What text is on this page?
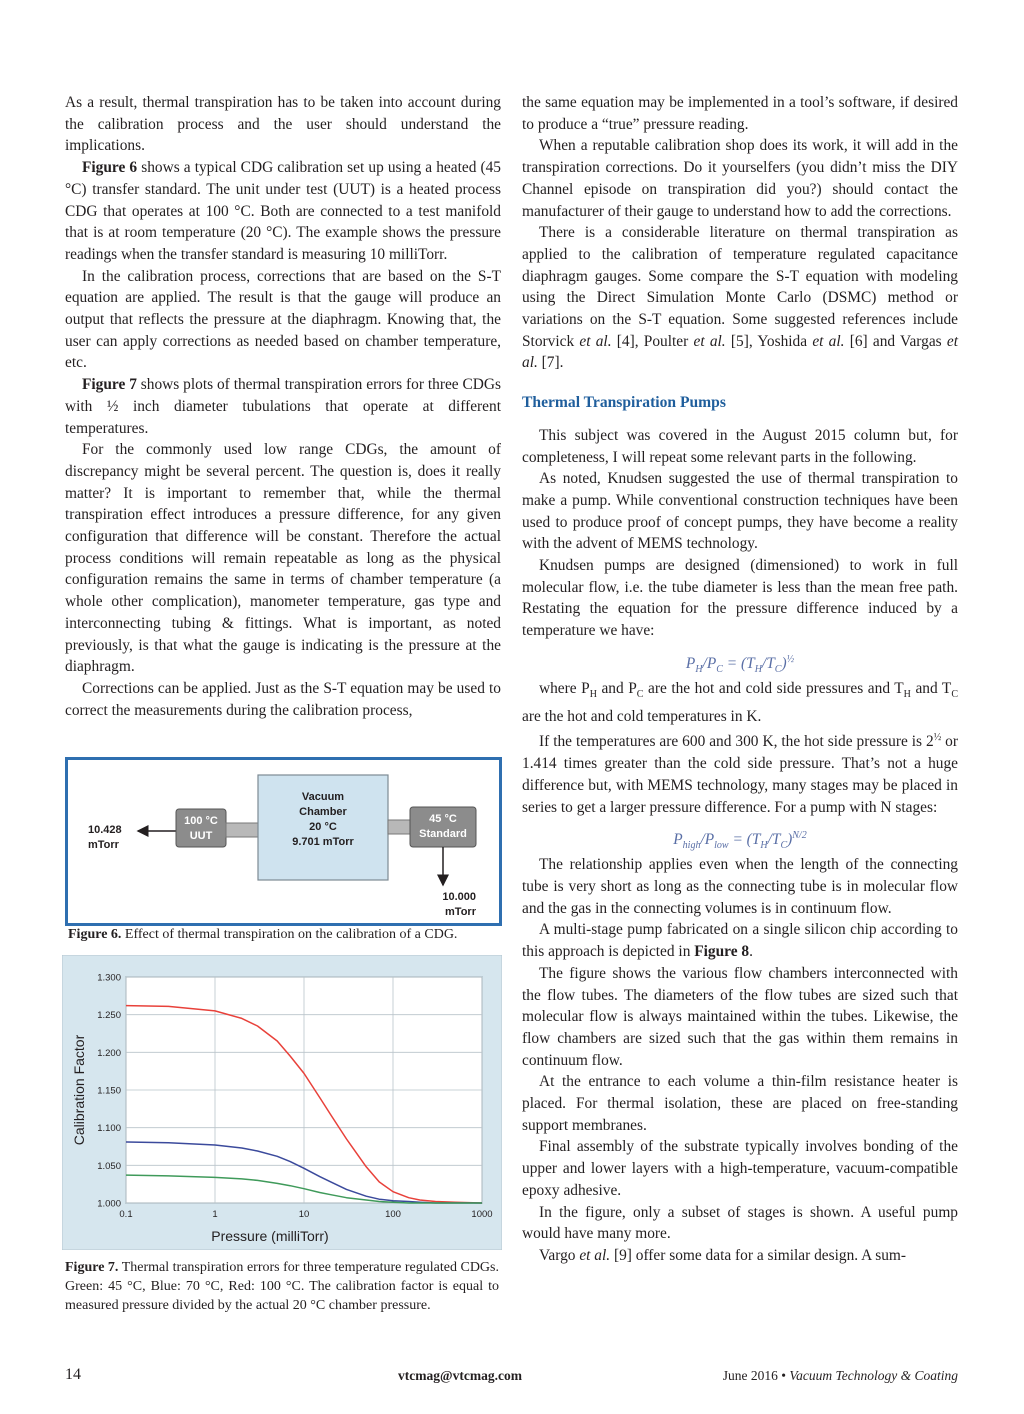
As a result, thermal transpiration has to be taken into account during the calibration process and the user should understand the implications.

Figure 6 shows a typical CDG calibration set up using a heated (45 °C) transfer standard. The unit under test (UUT) is a heated process CDG that operates at 100 °C. Both are connected to a test manifold that is at room temperature (20 °C). The example shows the pressure readings when the transfer standard is measuring 10 milliTorr.

In the calibration process, corrections that are based on the S-T equation are applied. The result is that the gauge will produce an output that reflects the pressure at the diaphragm. Knowing that, the user can apply corrections as needed based on chamber temperature, etc.

Figure 7 shows plots of thermal transpiration errors for three CDGs with ½ inch diameter tubulations that operate at different temperatures.

For the commonly used low range CDGs, the amount of discrepancy might be several percent. The question is, does it really matter? It is important to remember that, while the thermal transpiration effect introduces a pressure difference, for any given configuration that difference will be constant. Therefore the actual process conditions will remain repeatable as long as the physical configuration remains the same in terms of chamber temperature (a whole other complication), manometer temperature, gas type and interconnecting tubing & fittings. What is important, as noted previously, is that what the gauge is indicating is the pressure at the diaphragm.

Corrections can be applied. Just as the S-T equation may be used to correct the measurements during the calibration process,

100 °C
UUT
Vacuum
Chamber
20 °C
9.701 mTorr
45 °C
Standard
10.428
mTorr
10.000
mTorr
Figure 6. Effect of thermal transpiration on the calibration of a CDG.
1.000
1.050
1.100
1.150
1.200
1.250
1.300
0.1	1	10	100	1000
Pressure (milliTorr)
Calibration Factor
Figure 7. Thermal transpiration errors for three temperature regulated CDGs. Green: 45 °C, Blue: 70 °C, Red: 100 °C. The calibration factor is equal to measured pressure divided by the actual 20 °C chamber pressure.

the same equation may be implemented in a tool’s software, if desired to produce a “true” pressure reading.

When a reputable calibration shop does its work, it will add in the transpiration corrections. Do it yourselfers (you didn’t miss the DIY Channel episode on transpiration did you?) should contact the manufacturer of their gauge to understand how to add the corrections.

There is a considerable literature on thermal transpiration as applied to the calibration of temperature regulated capacitance diaphragm gauges. Some compare the S-T equation with modeling using the Direct Simulation Monte Carlo (DSMC) method or variations on the S-T equation. Some suggested references include Storvick et al. [4], Poulter et al. [5], Yoshida et al. [6] and Vargas et al. [7].

Thermal Transpiration Pumps

This subject was covered in the August 2015 column but, for completeness, I will repeat some relevant parts in the following.

As noted, Knudsen suggested the use of thermal transpiration to make a pump. While conventional construction techniques have been used to produce proof of concept pumps, they have become a reality with the advent of MEMS technology.

Knudsen pumps are designed (dimensioned) to work in full molecular flow, i.e. the tube diameter is less than the mean free path. Restating the equation for the pressure difference induced by a temperature we have:

$P_H/P_C = (T_H/T_C)^{\frac{1}{2}}$

where $P_H$ and $P_C$ are the hot and cold side pressures and $T_H$ and $T_C$ are the hot and cold temperatures in K.

If the temperatures are 600 and 300 K, the hot side pressure is $2^{\frac{1}{2}}$ or 1.414 times greater than the cold side pressure. That’s not a huge difference but, with MEMS technology, many stages may be placed in series to get a larger pressure difference. For a pump with N stages:

$P_{high}/P_{low} = (T_H/T_C)^{N/2}$

The relationship applies even when the length of the connecting tube is very short as long as the connecting tube is in molecular flow and the gas in the connecting volumes is in continuum flow.

A multi-stage pump fabricated on a single silicon chip according to this approach is depicted in Figure 8.

The figure shows the various flow chambers interconnected with the flow tubes. The diameters of the flow tubes are sized such that molecular flow is always maintained within the tubes. Likewise, the flow chambers are sized such that the gas within them remains in continuum flow.

At the entrance to each volume a thin-film resistance heater is placed. For thermal isolation, these are placed on free-standing support membranes.

Final assembly of the substrate typically involves bonding of the upper and lower layers with a high-temperature, vacuum-compatible epoxy adhesive.

In the figure, only a subset of stages is shown. A useful pump would have many more.

Vargo et al. [9] offer some data for a similar design. A sum-

14	vtcmag@vtcmag.com	June 2016 • Vacuum Technology & Coating
